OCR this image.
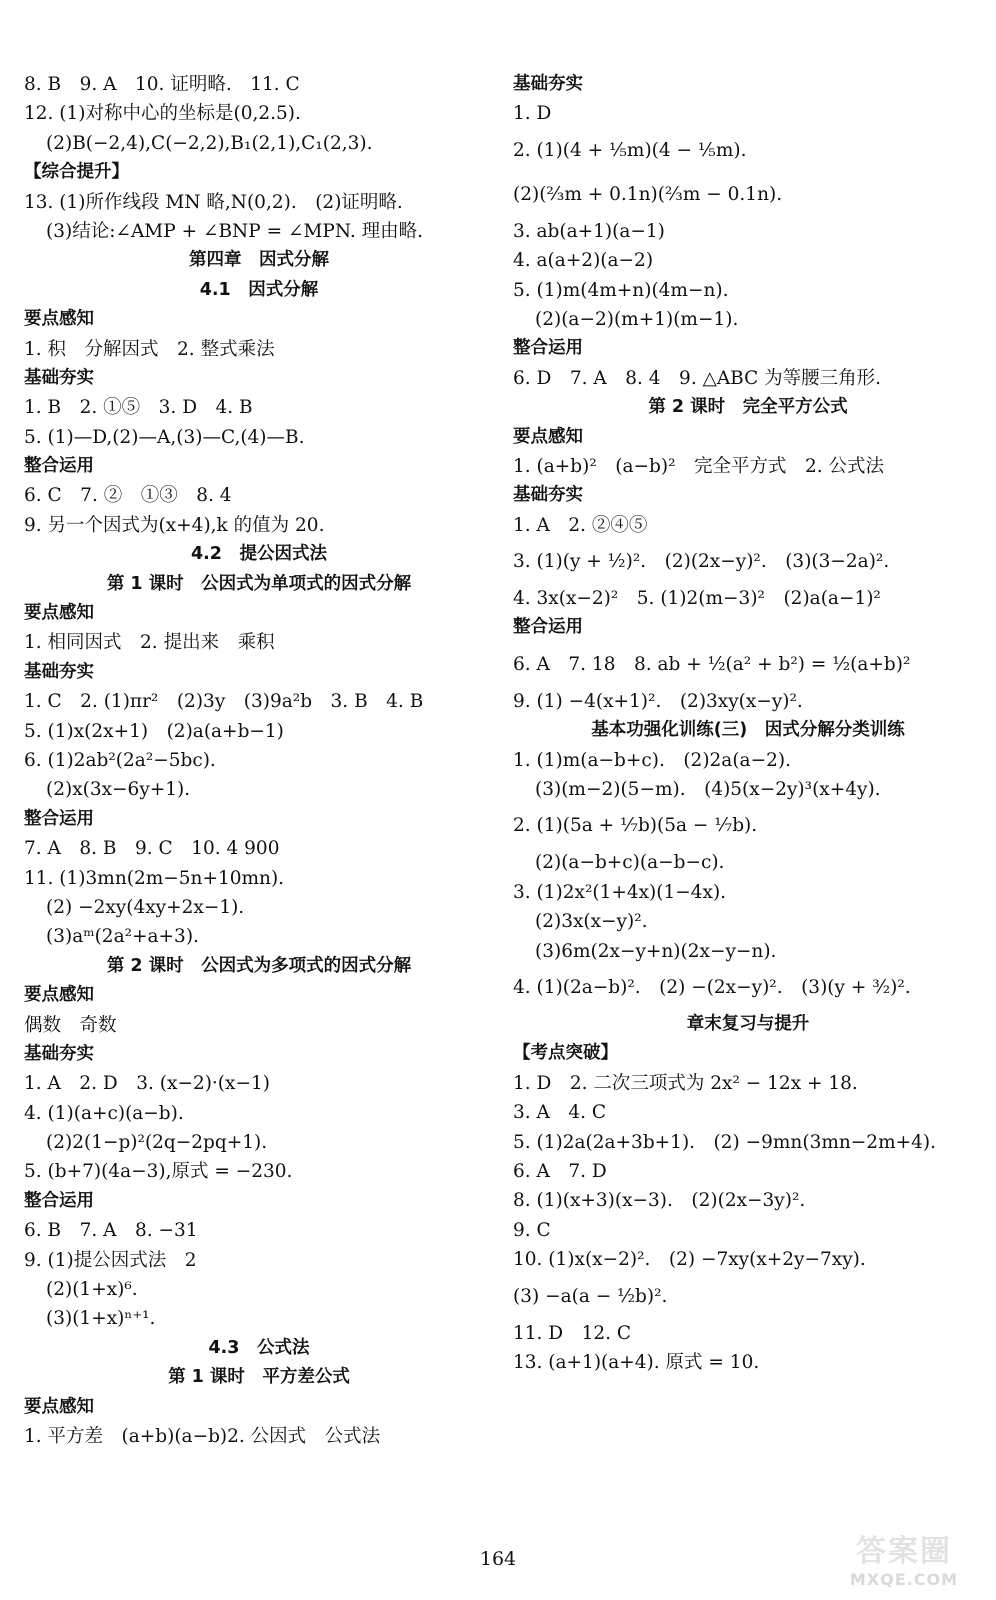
8. B　9. A　10. 证明略.　11. C
12. (1)对称中心的坐标是(0,2.5).
(2)B(−2,4),C(−2,2),B₁(2,1),C₁(2,3).
【综合提升】
13. (1)所作线段 MN 略,N(0,2).　(2)证明略.
(3)结论:∠AMP + ∠BNP = ∠MPN. 理由略.
第四章　因式分解
4.1　因式分解
要点感知
1. 积　分解因式　2. 整式乘法
基础夯实
1. B　2. ①⑤　3. D　4. B
5. (1)—D,(2)—A,(3)—C,(4)—B.
整合运用
6. C　7. ②　①③　8. 4
9. 另一个因式为(x+4),k 的值为 20.
4.2　提公因式法
第 1 课时　公因式为单项式的因式分解
要点感知
1. 相同因式　2. 提出来　乘积
基础夯实
1. C　2. (1)πr²　(2)3y　(3)9a²b　3. B　4. B
5. (1)x(2x+1)　(2)a(a+b−1)
6. (1)2ab²(2a²−5bc).
(2)x(3x−6y+1).
整合运用
7. A　8. B　9. C　10. 4 900
11. (1)3mn(2m−5n+10mn).
(2) −2xy(4xy+2x−1).
(3)aᵐ(2a²+a+3).
第 2 课时　公因式为多项式的因式分解
要点感知
偶数　奇数
基础夯实
1. A　2. D　3. (x−2)·(x−1)
4. (1)(a+c)(a−b).
(2)2(1−p)²(2q−2pq+1).
5. (b+7)(4a−3),原式 = −230.
整合运用
6. B　7. A　8. −31
9. (1)提公因式法　2
(2)(1+x)⁶.
(3)(1+x)ⁿ⁺¹.
4.3　公式法
第 1 课时　平方差公式
要点感知
1. 平方差　(a+b)(a−b)2. 公因式　公式法
基础夯实
1. D
2. (1)(4 + ¹⁄₅m)(4 − ¹⁄₅m).
(2)(²⁄₃m + 0.1n)(²⁄₃m − 0.1n).
3. ab(a+1)(a−1)
4. a(a+2)(a−2)
5. (1)m(4m+n)(4m−n).
(2)(a−2)(m+1)(m−1).
整合运用
6. D　7. A　8. 4　9. △ABC 为等腰三角形.
第 2 课时　完全平方公式
要点感知
1. (a+b)²　(a−b)²　完全平方式　2. 公式法
基础夯实
1. A　2. ②④⑤
3. (1)(y + ½)².　(2)(2x−y)².　(3)(3−2a)².
4. 3x(x−2)²　5. (1)2(m−3)²　(2)a(a−1)²
整合运用
6. A　7. 18　8. ab + ½(a² + b²) = ½(a+b)²
9. (1) −4(x+1)².　(2)3xy(x−y)².
基本功强化训练(三)　因式分解分类训练
1. (1)m(a−b+c).　(2)2a(a−2).
(3)(m−2)(5−m).　(4)5(x−2y)³(x+4y).
2. (1)(5a + ⅐b)(5a − ⅐b).
(2)(a−b+c)(a−b−c).
3. (1)2x²(1+4x)(1−4x).
(2)3x(x−y)².
(3)6m(2x−y+n)(2x−y−n).
4. (1)(2a−b)².　(2) −(2x−y)².　(3)(y + ³⁄₂)².
章末复习与提升
【考点突破】
1. D　2. 二次三项式为 2x² − 12x + 18.
3. A　4. C
5. (1)2a(2a+3b+1).　(2) −9mn(3mn−2m+4).
6. A　7. D
8. (1)(x+3)(x−3).　(2)(2x−3y)².
9. C
10. (1)x(x−2)².　(2) −7xy(x+2y−7xy).
(3) −a(a − ½b)².
11. D　12. C
13. (a+1)(a+4). 原式 = 10.
164	答案圈
MXQE.COM
